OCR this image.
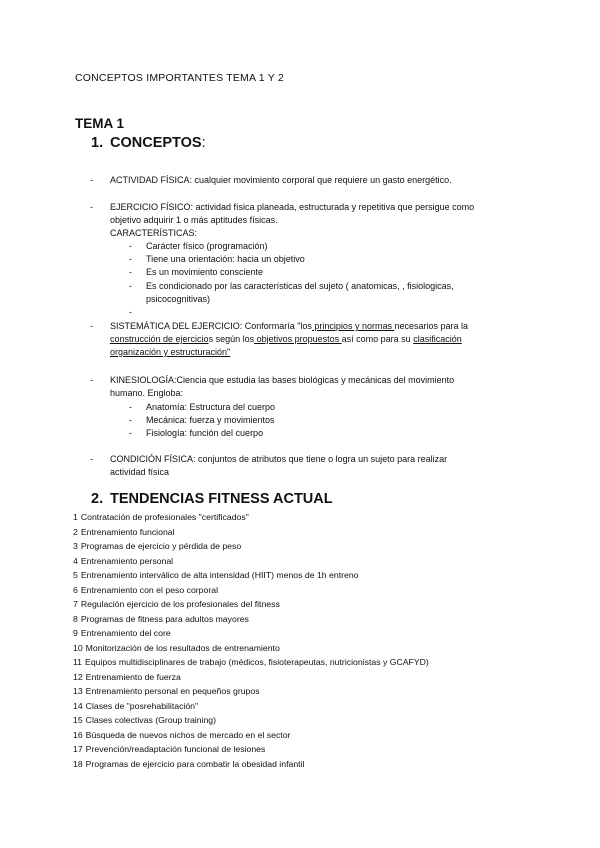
CONCEPTOS IMPORTANTES TEMA 1 Y 2
TEMA 1
1. CONCEPTOS:
- ACTIVIDAD FÍSICA: cualquier movimiento corporal que requiere un gasto energético.
- EJERCICIO FÍSICO: actividad física planeada, estructurada y repetitiva que persigue como
objetivo adquirir 1 o más aptitudes físicas.
CARACTERÍSTICAS:
- Carácter físico (programación)
- Tiene una orientación: hacia un objetivo
- Es un movimiento consciente
- Es condicionado por las características del sujeto ( anatomicas, , fisiologicas,
psicocognitivas)
-
- SISTEMÁTICA DEL EJERCICIO: Conformaría "los principios y normas necesarios para la
construcción de ejercicios según los objetivos propuestos así como para su clasificación
organización y estructuración"
- KINESIOLOGÍA:Ciencia que estudia las bases biológicas y mecánicas del movimiento
humano. Engloba:
- Anatomía: Estructura del cuerpo
- Mecánica: fuerza y movimientos
- Fisiología: función del cuerpo
- CONDICIÓN FÍSICA: conjuntos de atributos que tiene o logra un sujeto para realizar
actividad física
2. TENDENCIAS FITNESS ACTUAL
1 Contratación de profesionales "certificados"
2 Entrenamiento funcional
3 Programas de ejercicio y pérdida de peso
4 Entrenamiento personal
5 Entrenamiento interválico de alta intensidad (HIIT) menos de 1h entreno
6 Entrenamiento con el peso corporal
7 Regulación ejercicio de los profesionales del fitness
8 Programas de fitness para adultos mayores
9 Entrenamiento del core
10 Monitorización de los resultados de entrenamiento
11 Equipos multidisciplinares de trabajo (médicos, fisioterapeutas, nutricionistas y GCAFYD)
12 Entrenamiento de fuerza
13 Entrenamiento personal en pequeños grupos
14 Clases de "posrehabilitación"
15 Clases colectivas (Group training)
16 Búsqueda de nuevos nichos de mercado en el sector
17 Prevención/readaptación funcional de lesiones
18 Programas de ejercicio para combatir la obesidad infantil
